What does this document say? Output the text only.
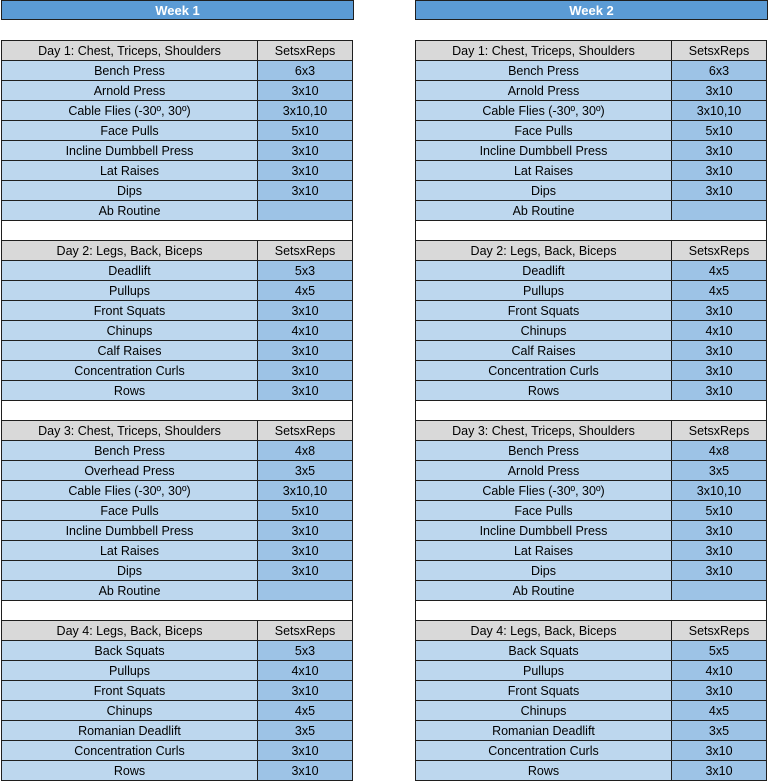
Week 1
Day 1: Chest, Triceps, Shoulders	SetsxReps
Bench Press	6x3
Arnold Press	3x10
Cable Flies (-30º, 30º)	3x10,10
Face Pulls	5x10
Incline Dumbbell Press	3x10
Lat Raises	3x10
Dips	3x10
Ab Routine	

Day 2: Legs, Back, Biceps	SetsxReps
Deadlift	5x3
Pullups	4x5
Front Squats	3x10
Chinups	4x10
Calf Raises	3x10
Concentration Curls	3x10
Rows	3x10

Day 3: Chest, Triceps, Shoulders	SetsxReps
Bench Press	4x8
Overhead Press	3x5
Cable Flies (-30º, 30º)	3x10,10
Face Pulls	5x10
Incline Dumbbell Press	3x10
Lat Raises	3x10
Dips	3x10
Ab Routine	

Day 4: Legs, Back, Biceps	SetsxReps
Back Squats	5x3
Pullups	4x10
Front Squats	3x10
Chinups	4x5
Romanian Deadlift	3x5
Concentration Curls	3x10
Rows	3x10
Week 2
Day 1: Chest, Triceps, Shoulders	SetsxReps
Bench Press	6x3
Arnold Press	3x10
Cable Flies (-30º, 30º)	3x10,10
Face Pulls	5x10
Incline Dumbbell Press	3x10
Lat Raises	3x10
Dips	3x10
Ab Routine	

Day 2: Legs, Back, Biceps	SetsxReps
Deadlift	4x5
Pullups	4x5
Front Squats	3x10
Chinups	4x10
Calf Raises	3x10
Concentration Curls	3x10
Rows	3x10

Day 3: Chest, Triceps, Shoulders	SetsxReps
Bench Press	4x8
Arnold Press	3x5
Cable Flies (-30º, 30º)	3x10,10
Face Pulls	5x10
Incline Dumbbell Press	3x10
Lat Raises	3x10
Dips	3x10
Ab Routine	

Day 4: Legs, Back, Biceps	SetsxReps
Back Squats	5x5
Pullups	4x10
Front Squats	3x10
Chinups	4x5
Romanian Deadlift	3x5
Concentration Curls	3x10
Rows	3x10
